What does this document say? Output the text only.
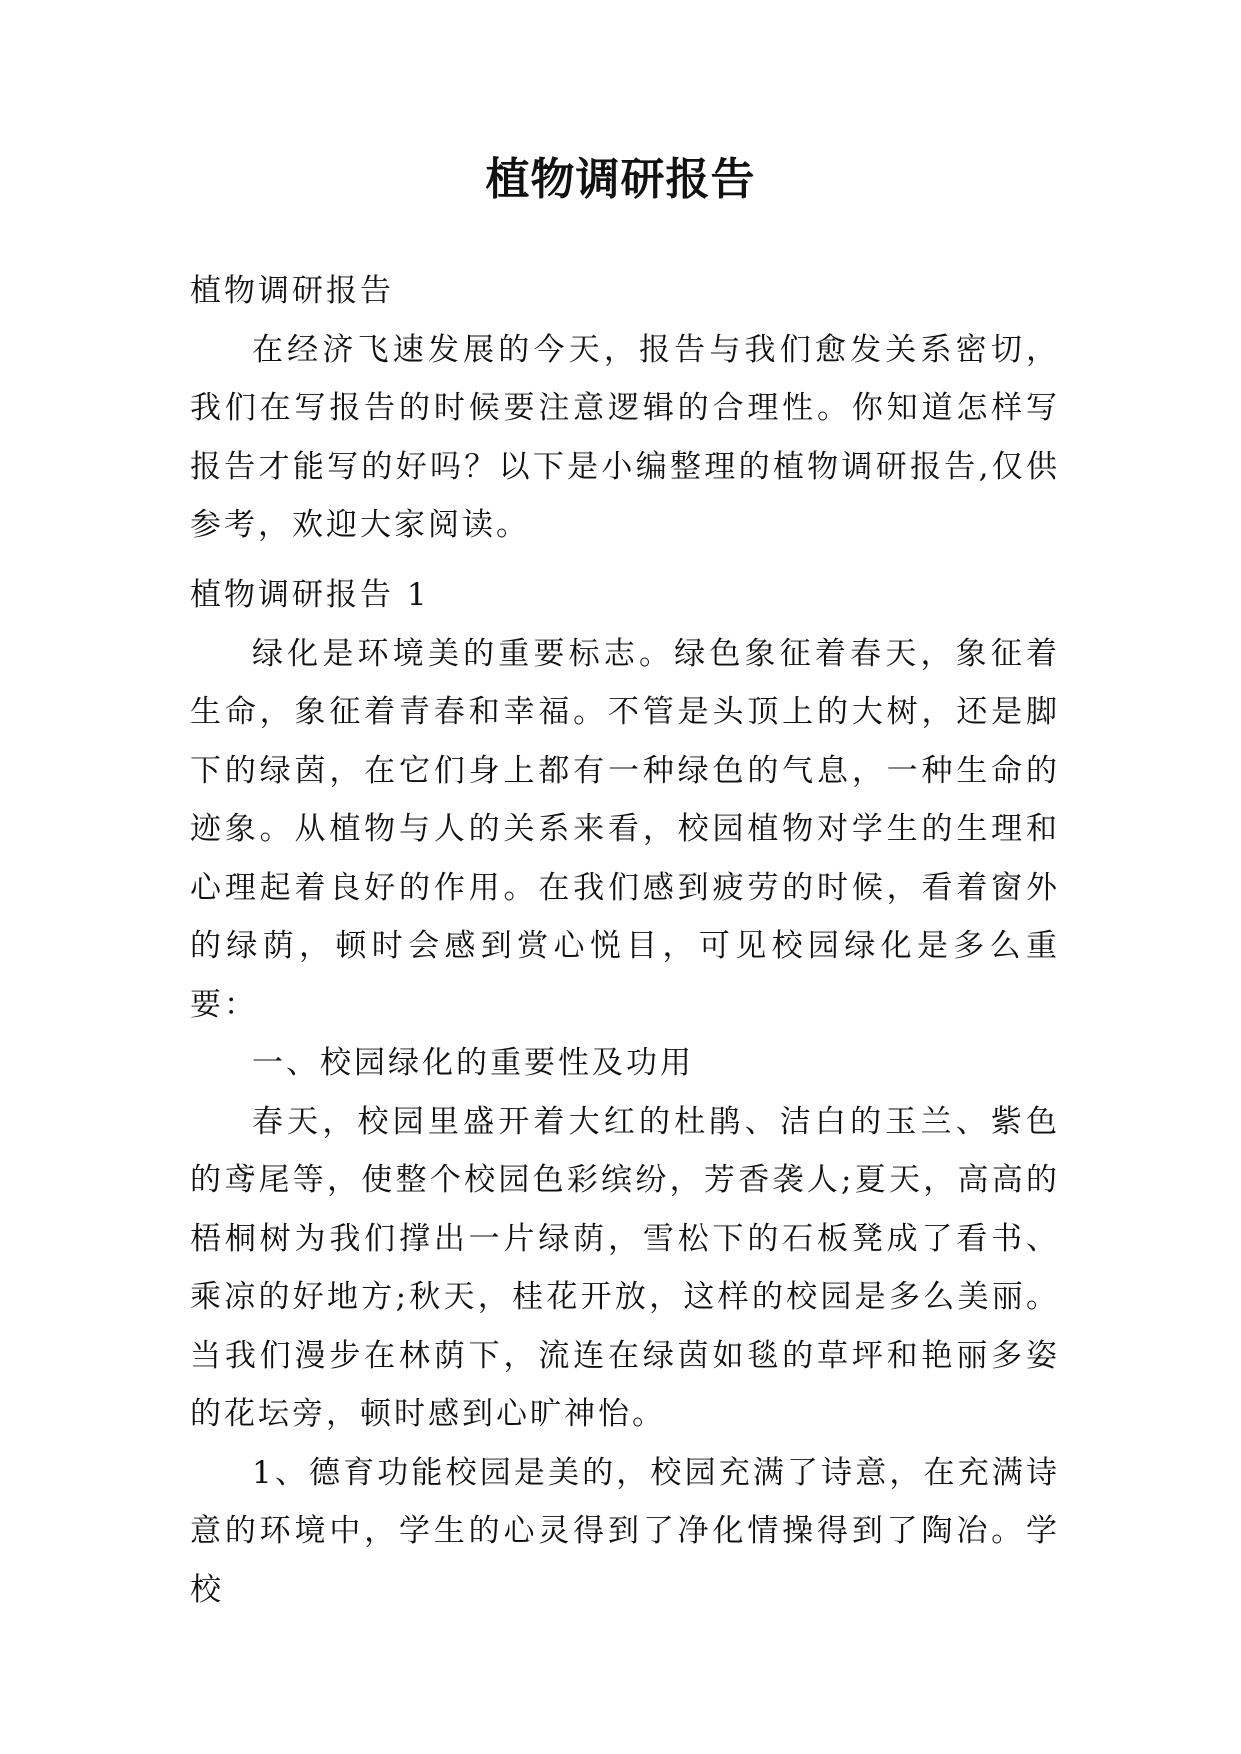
植物调研报告

植物调研报告

在经济飞速发展的今天，报告与我们愈发关系密切，我们在写报告的时候要注意逻辑的合理性。你知道怎样写报告才能写的好吗？以下是小编整理的植物调研报告,仅供参考，欢迎大家阅读。

植物调研报告 1

绿化是环境美的重要标志。绿色象征着春天，象征着生命，象征着青春和幸福。不管是头顶上的大树，还是脚下的绿茵，在它们身上都有一种绿色的气息，一种生命的迹象。从植物与人的关系来看，校园植物对学生的生理和心理起着良好的作用。在我们感到疲劳的时候，看着窗外的绿荫，顿时会感到赏心悦目，可见校园绿化是多么重要：

一、校园绿化的重要性及功用

春天，校园里盛开着大红的杜鹃、洁白的玉兰、紫色的鸢尾等，使整个校园色彩缤纷，芳香袭人;夏天，高高的梧桐树为我们撑出一片绿荫，雪松下的石板凳成了看书、乘凉的好地方;秋天，桂花开放，这样的校园是多么美丽。当我们漫步在林荫下，流连在绿茵如毯的草坪和艳丽多姿的花坛旁，顿时感到心旷神怡。

1、德育功能校园是美的，校园充满了诗意，在充满诗意的环境中，学生的心灵得到了净化情操得到了陶冶。学校
